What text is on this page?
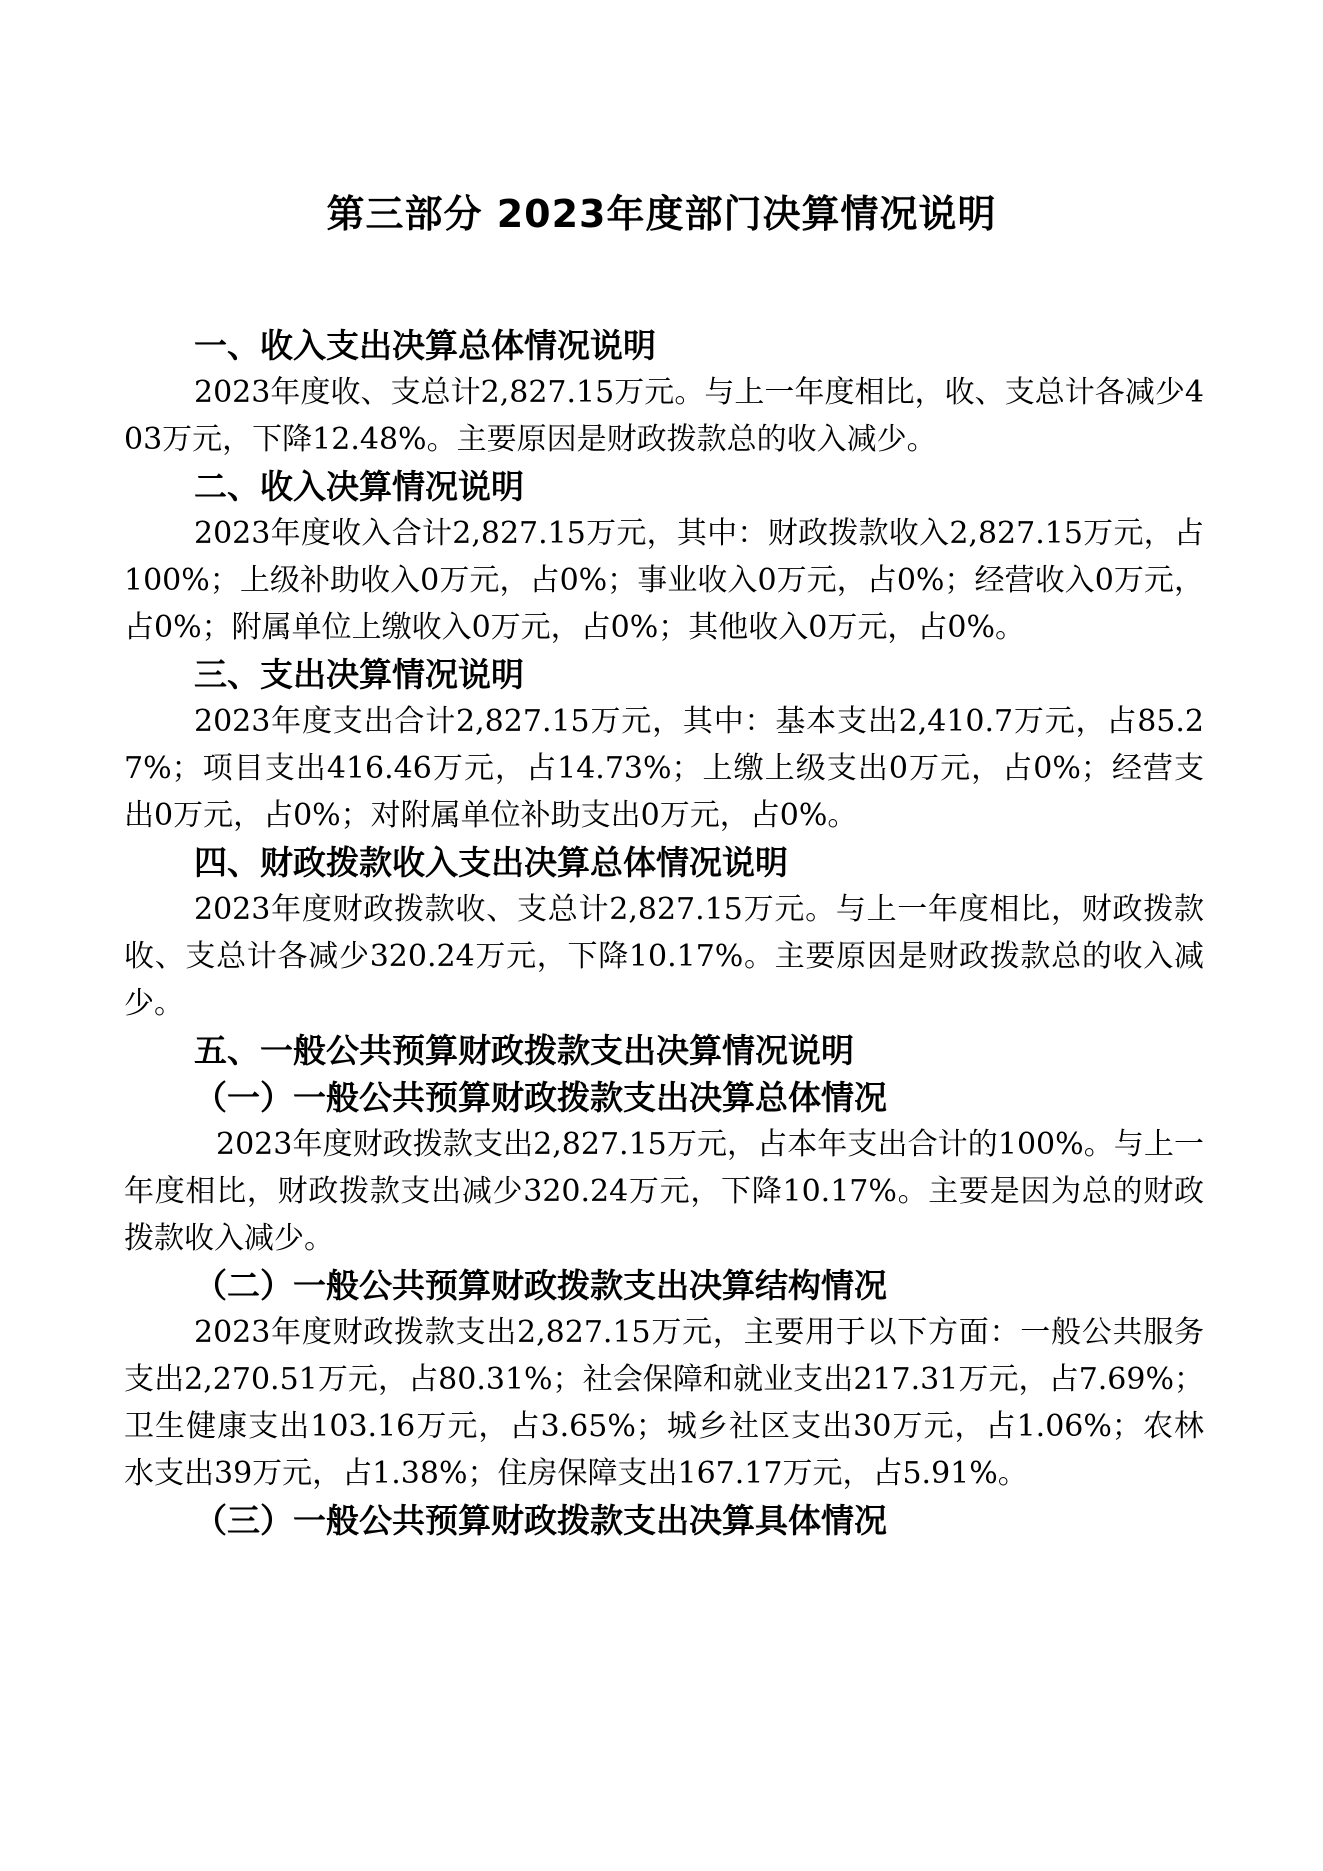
第三部分 2023年度部门决算情况说明
一、收入支出决算总体情况说明

2023年度收、支总计2,827.15万元。与上一年度相比，收、支总计各减少403万元，下降12.48%。主要原因是财政拨款总的收入减少。

二、收入决算情况说明

2023年度收入合计2,827.15万元，其中：财政拨款收入2,827.15万元，占100%；上级补助收入0万元，占0%；事业收入0万元，占0%；经营收入0万元，占0%；附属单位上缴收入0万元，占0%；其他收入0万元，占0%。

三、支出决算情况说明

2023年度支出合计2,827.15万元，其中：基本支出2,410.7万元，占85.27%；项目支出416.46万元，占14.73%；上缴上级支出0万元，占0%；经营支出0万元，占0%；对附属单位补助支出0万元，占0%。

四、财政拨款收入支出决算总体情况说明

2023年度财政拨款收、支总计2,827.15万元。与上一年度相比，财政拨款收、支总计各减少320.24万元，下降10.17%。主要原因是财政拨款总的收入减少。

五、一般公共预算财政拨款支出决算情况说明
（一）一般公共预算财政拨款支出决算总体情况

2023年度财政拨款支出2,827.15万元，占本年支出合计的100%。与上一年度相比，财政拨款支出减少320.24万元，下降10.17%。主要是因为总的财政拨款收入减少。

（二）一般公共预算财政拨款支出决算结构情况

2023年度财政拨款支出2,827.15万元，主要用于以下方面：一般公共服务支出2,270.51万元，占80.31%；社会保障和就业支出217.31万元，占7.69%；卫生健康支出103.16万元，占3.65%；城乡社区支出30万元，占1.06%；农林水支出39万元，占1.38%；住房保障支出167.17万元，占5.91%。

（三）一般公共预算财政拨款支出决算具体情况
